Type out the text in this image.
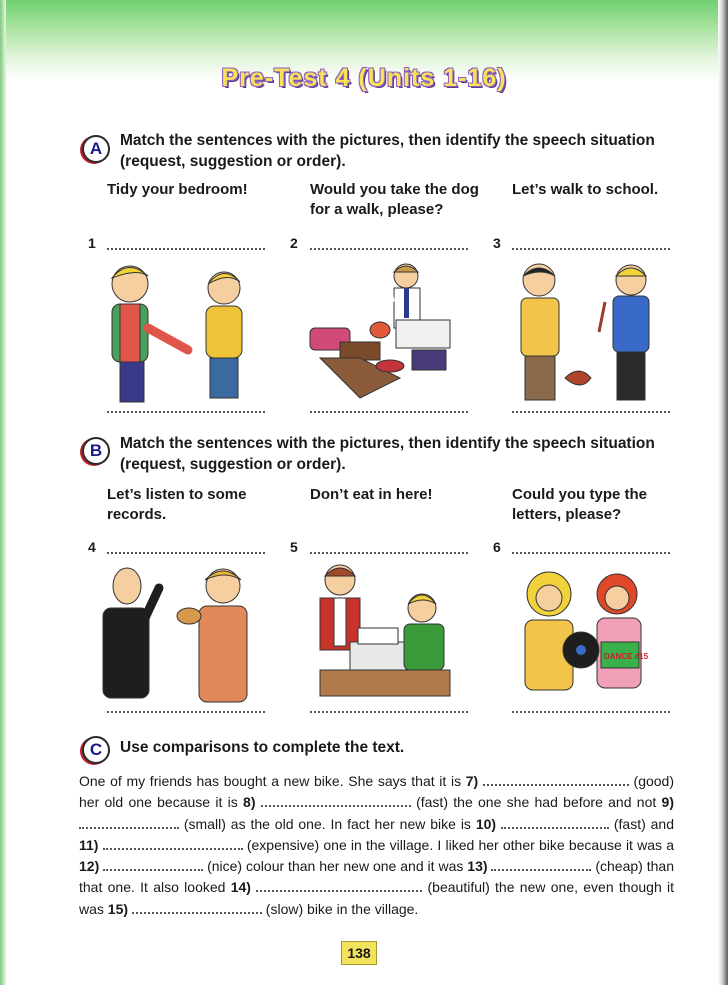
Pre-Test 4 (Units 1-16)
A	Match the sentences with the pictures, then identify the speech situation
(request, suggestion or order).
Tidy your bedroom!	Would you take the dog
for a walk, please?
Let’s walk to school.
1	2	3
B	Match the sentences with the pictures, then identify the speech situation
(request, suggestion or order).
Let’s listen to some
records.
Don’t eat in here!	Could you type the
letters, please?
4	5	6
DANCE #15
C	Use comparisons to complete the text.
One of my friends has bought a new bike. She says that it is 7)	(good) her old one because it is 8)	(fast) the one she had before and not 9)  (small) as the old one. In fact her new bike is 10)	(fast) and 11)	(expensive) one in the village. I liked her other bike because it was a 12)	(nice) colour than her new one and it was 13)	(cheap) than that one. It also looked 14)	(beautiful) the new one, even though it was 15)	(slow) bike in the village.
138
